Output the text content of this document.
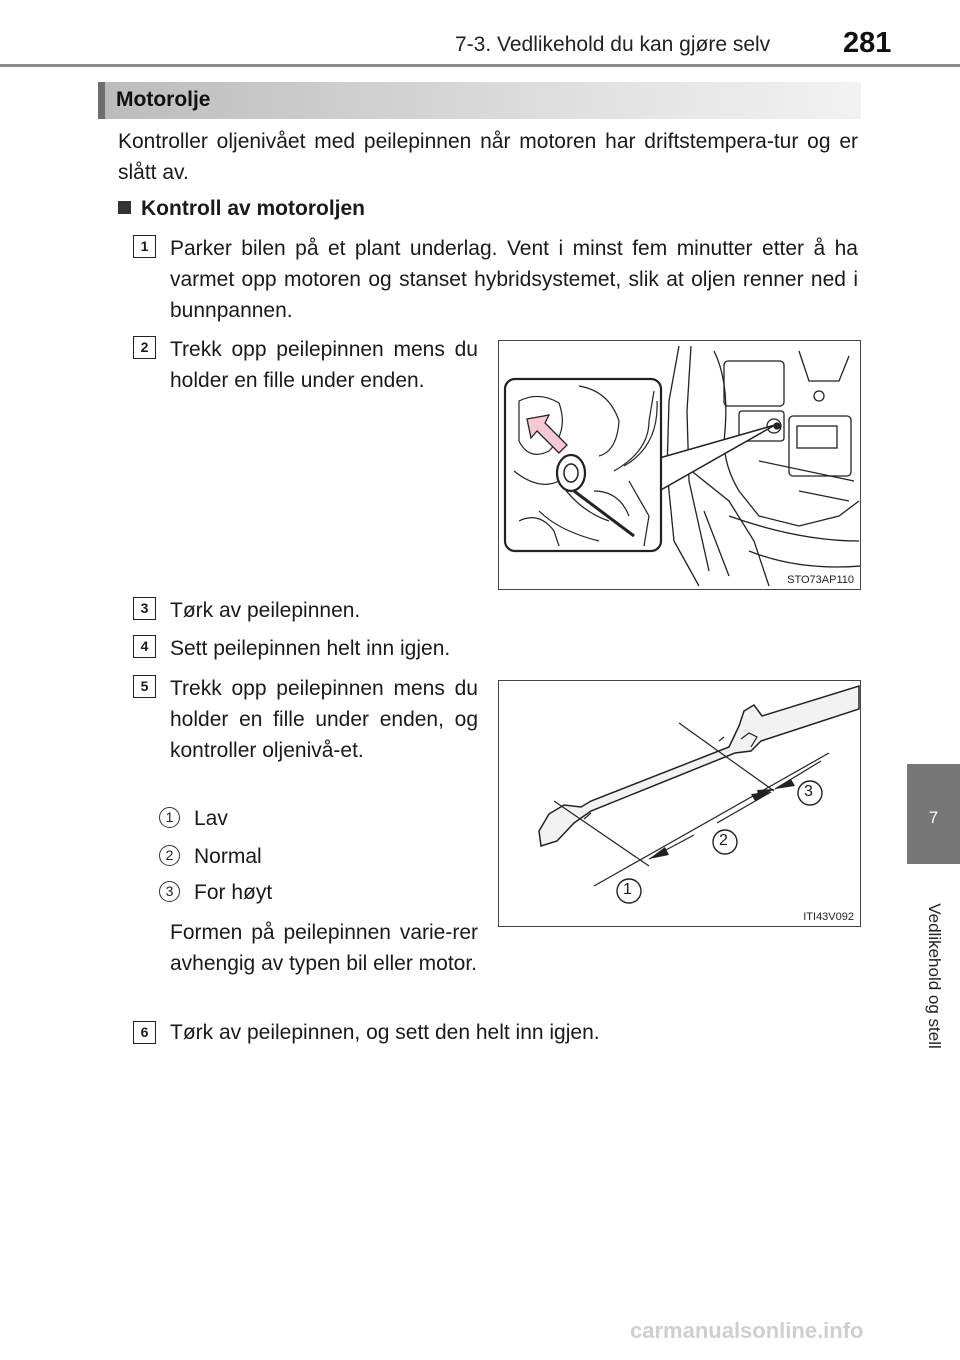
7-3. Vedlikehold du kan gjøre selv	281
7
Vedlikehold og stell
Motorolje
Kontroller oljenivået med peilepinnen når motoren har driftstempera-tur og er slått av.
Kontroll av motoroljen
1	Parker bilen på et plant underlag. Vent i minst fem minutter etter å ha varmet opp motoren og stanset hybridsystemet, slik at oljen renner ned i bunnpannen.
2	Trekk opp peilepinnen mens du holder en fille under enden.
STO73AP110
3	Tørk av peilepinnen.
4	Sett peilepinnen helt inn igjen.
5	Trekk opp peilepinnen mens du holder en fille under enden, og kontroller oljenivå-et.
1 Lav
2 Normal
3 For høyt
Formen på peilepinnen varie-rer avhengig av typen bil eller motor.
1
2
3
ITI43V092
6	Tørk av peilepinnen, og sett den helt inn igjen.
carmanualsonline.info
